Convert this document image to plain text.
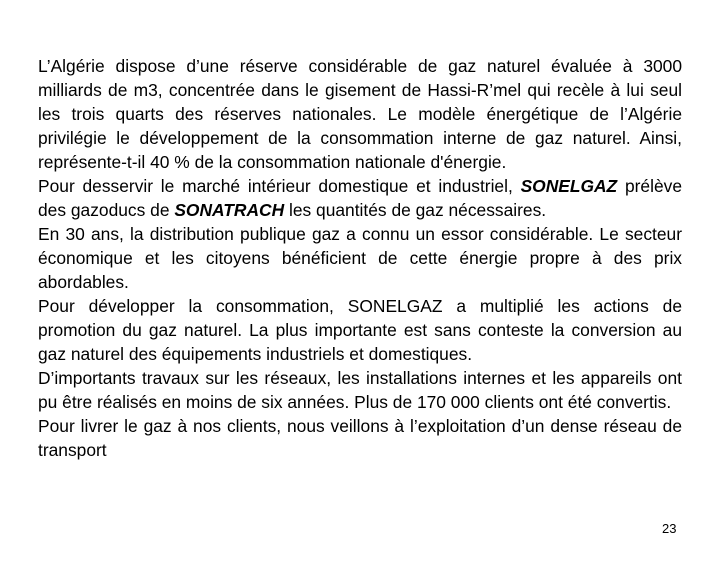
L’Algérie dispose d’une réserve considérable de gaz naturel évaluée à 3000 milliards de m3, concentrée dans le gisement de Hassi-R’mel qui recèle à lui seul les trois quarts des réserves nationales. Le modèle énergétique de l’Algérie privilégie le développement de la consommation interne de gaz naturel. Ainsi, représente-t-il 40 % de la consommation nationale d'énergie.

Pour desservir le marché intérieur domestique et industriel, SONELGAZ prélève des gazoducs de SONATRACH les quantités de gaz nécessaires.

En 30 ans, la distribution publique gaz a connu un essor considérable. Le secteur économique et les citoyens bénéficient de cette énergie propre à des prix abordables.

Pour développer la consommation, SONELGAZ a multiplié les actions de promotion du gaz naturel. La plus importante est sans conteste la conversion au gaz naturel des équipements industriels et domestiques.

D’importants travaux sur les réseaux, les installations internes et les appareils ont pu être réalisés en moins de six années. Plus de 170 000 clients ont été convertis.

Pour livrer le gaz à nos clients, nous veillons à l’exploitation d’un dense réseau de transport

23
